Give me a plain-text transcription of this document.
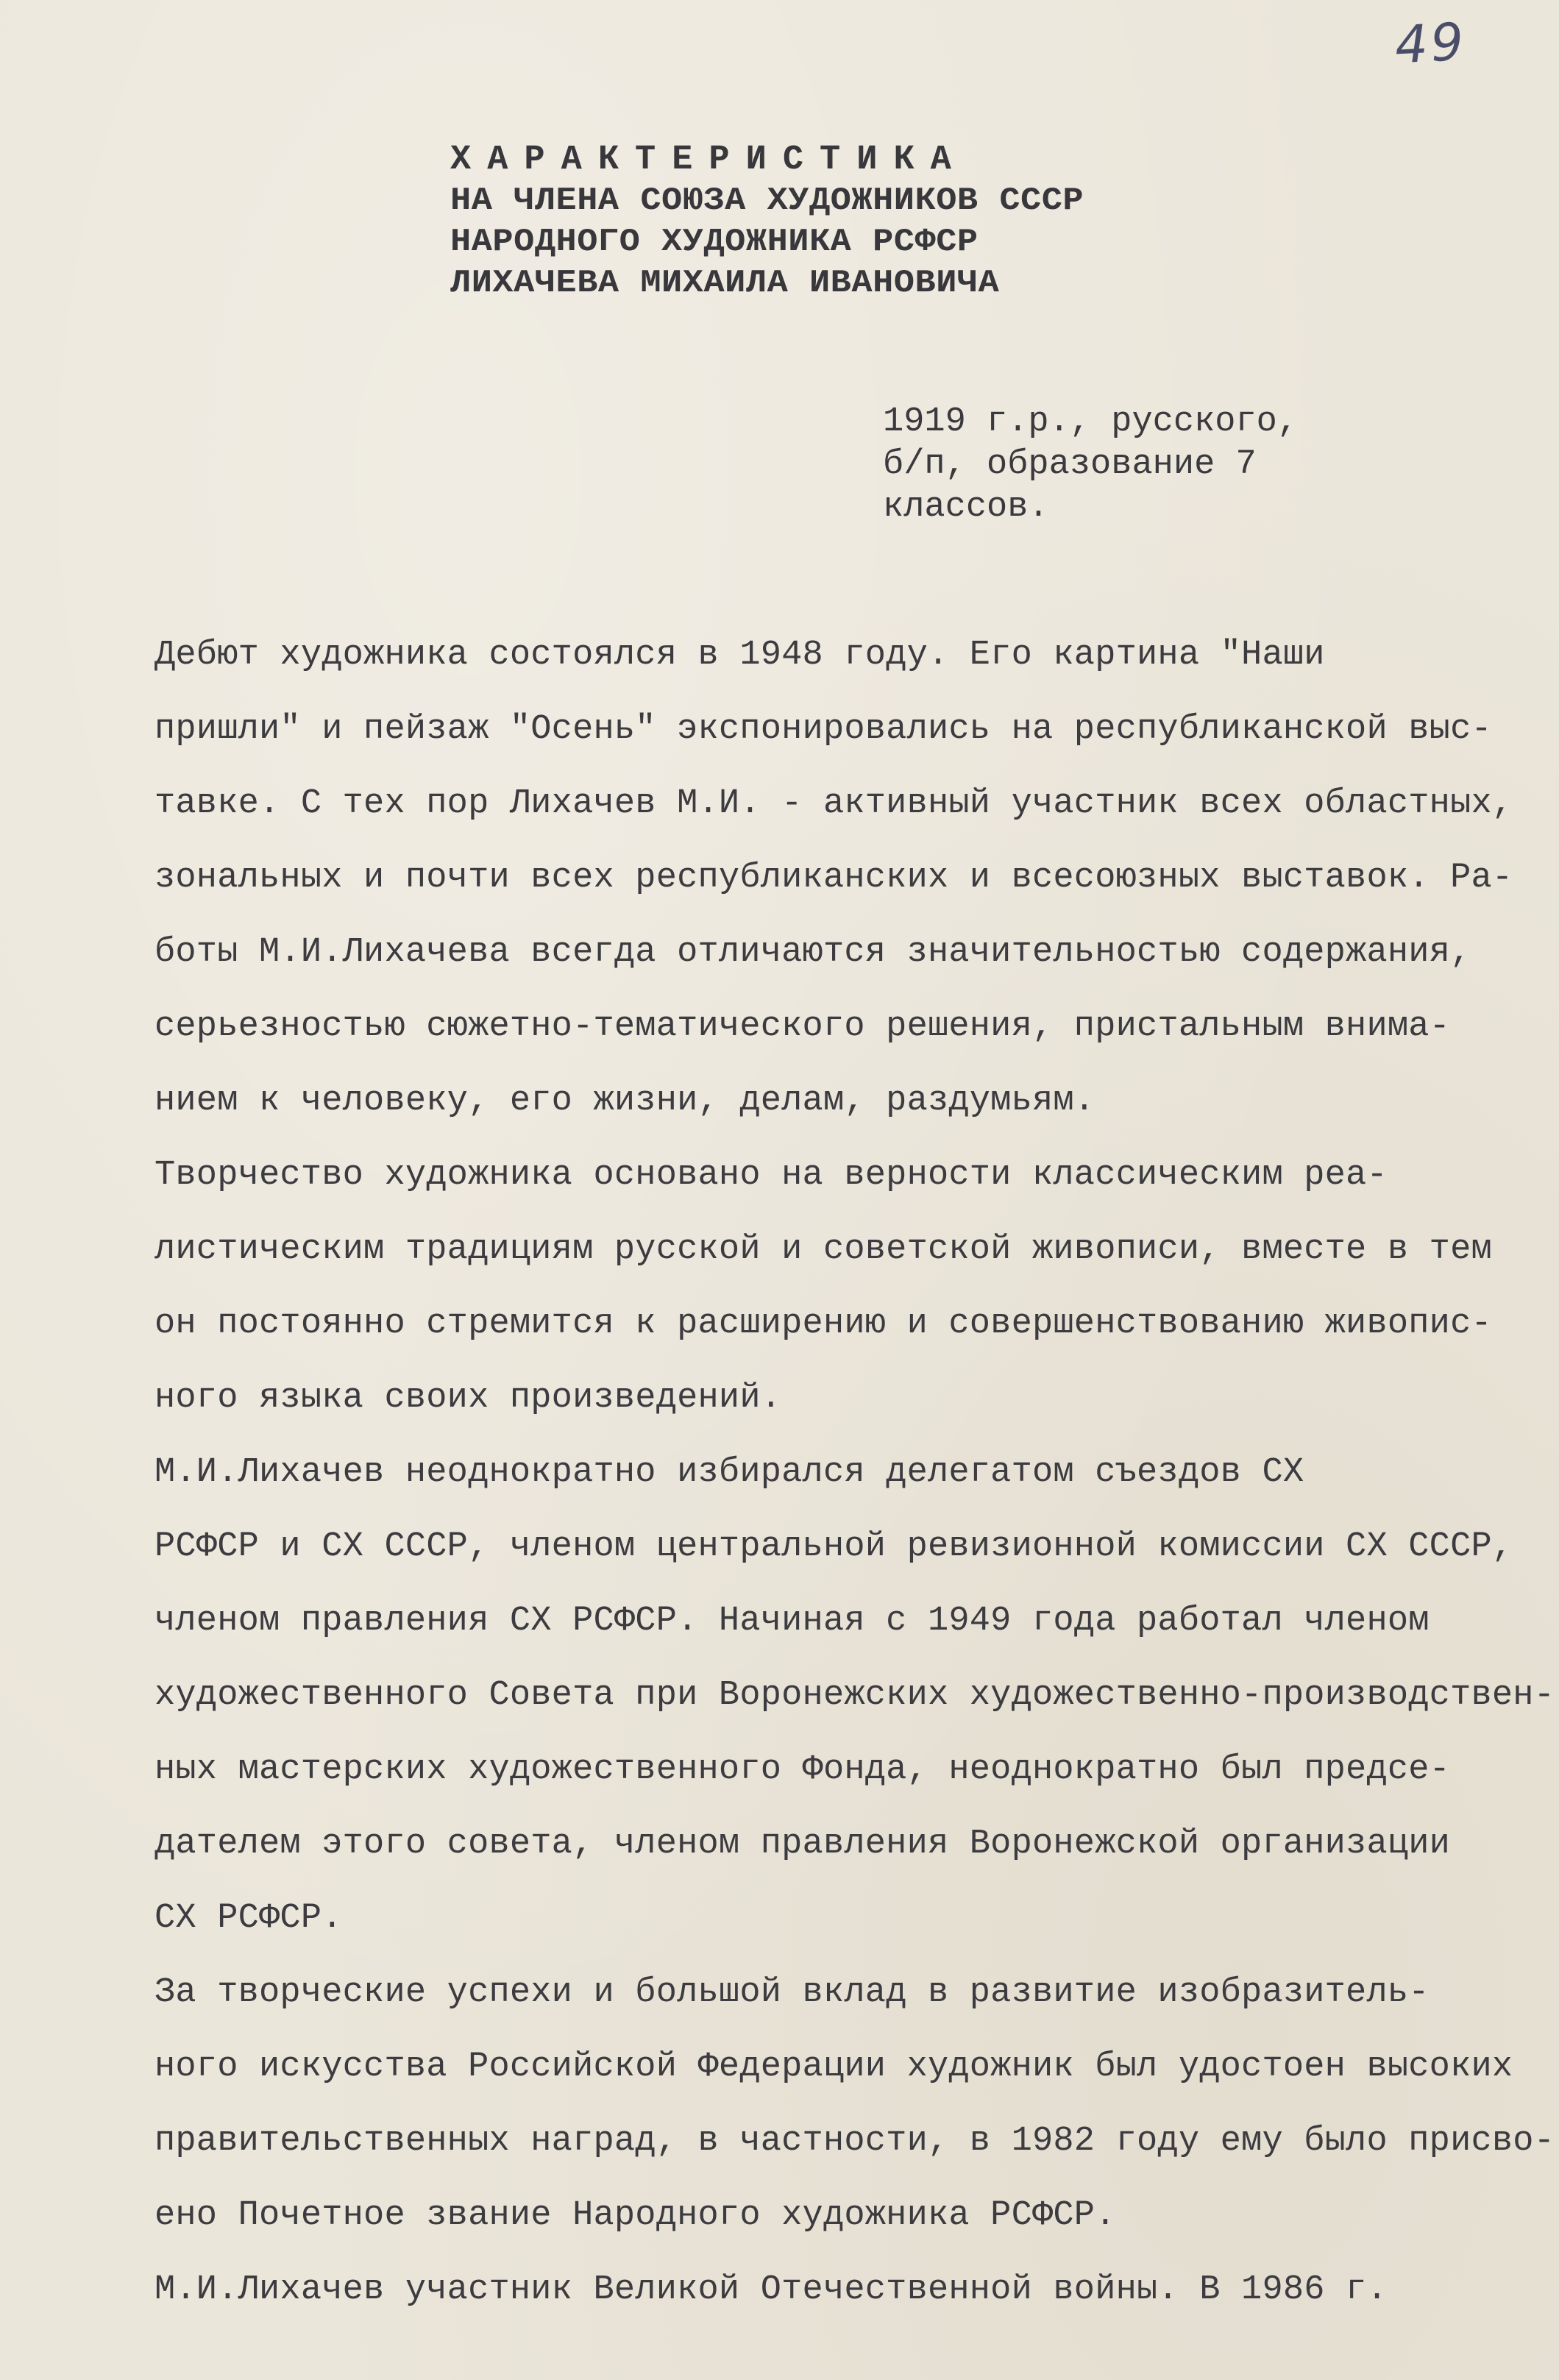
49
ХАРАКТЕРИСТИКА
НА ЧЛЕНА СОЮЗА ХУДОЖНИКОВ СССР
НАРОДНОГО ХУДОЖНИКА РСФСР
ЛИХАЧЕВА МИХАИЛА ИВАНОВИЧА
1919 г.р., русского,
б/п, образование 7
классов.
Дебют художника состоялся в 1948 году. Его картина "Наши
пришли" и пейзаж "Осень" экспонировались на республиканской выс-
тавке. С тех пор Лихачев М.И. - активный участник всех областных,
зональных и почти всех республиканских и всесоюзных выставок. Ра-
боты М.И.Лихачева всегда отличаются значительностью содержания,
серьезностью сюжетно-тематического решения, пристальным внима-
нием к человеку, его жизни, делам, раздумьям.
Творчество художника основано на верности классическим реа-
листическим традициям русской и советской живописи, вместе в тем
он постоянно стремится к расширению и совершенствованию живопис-
ного языка своих произведений.
М.И.Лихачев неоднократно избирался делегатом съездов СХ
РСФСР и СХ СССР, членом центральной ревизионной комиссии СХ СССР,
членом правления СХ РСФСР. Начиная с 1949 года работал членом
художественного Совета при Воронежских художественно-производствен-
ных мастерских художественного Фонда, неоднократно был предсе-
дателем этого совета, членом правления Воронежской организации
СХ РСФСР.
За творческие успехи и большой вклад в развитие изобразитель-
ного искусства Российской Федерации художник был удостоен высоких
правительственных наград, в частности, в 1982 году ему было присво-
ено Почетное звание Народного художника РСФСР.
М.И.Лихачев участник Великой Отечественной войны. В 1986 г.
